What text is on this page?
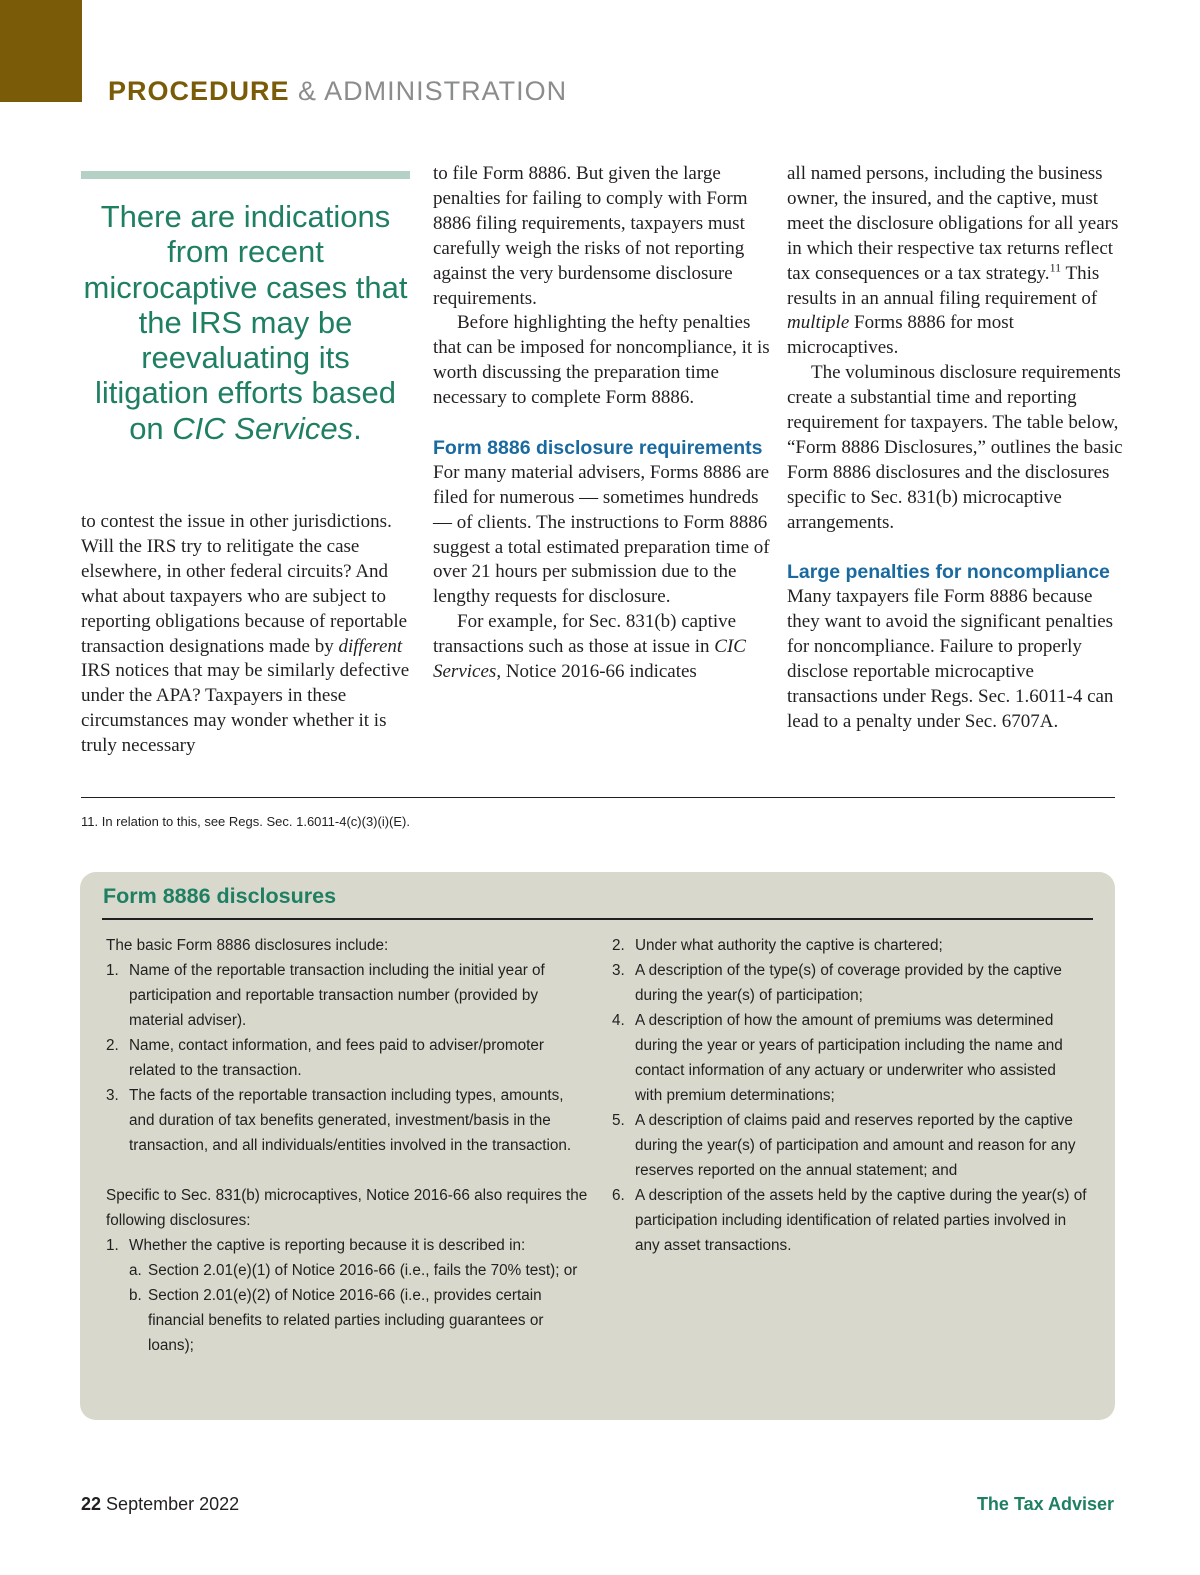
PROCEDURE & ADMINISTRATION
There are indications from recent microcaptive cases that the IRS may be reevaluating its litigation efforts based on CIC Services.

to contest the issue in other jurisdictions. Will the IRS try to relitigate the case elsewhere, in other federal circuits? And what about taxpayers who are subject to reporting obligations because of reportable transaction designations made by different IRS notices that may be similarly defective under the APA? Taxpayers in these circumstances may wonder whether it is truly necessary

to file Form 8886. But given the large penalties for failing to comply with Form 8886 filing requirements, taxpayers must carefully weigh the risks of not reporting against the very burdensome disclosure requirements.

Before highlighting the hefty penalties that can be imposed for noncompliance, it is worth discussing the preparation time necessary to complete Form 8886.

Form 8886 disclosure requirements

For many material advisers, Forms 8886 are filed for numerous — sometimes hundreds — of clients. The instructions to Form 8886 suggest a total estimated preparation time of over 21 hours per submission due to the lengthy requests for disclosure.

For example, for Sec. 831(b) captive transactions such as those at issue in CIC Services, Notice 2016-66 indicates

all named persons, including the business owner, the insured, and the captive, must meet the disclosure obligations for all years in which their respective tax returns reflect tax consequences or a tax strategy.$^{11}$ This results in an annual filing requirement of multiple Forms 8886 for most microcaptives.

The voluminous disclosure requirements create a substantial time and reporting requirement for taxpayers. The table below, “Form 8886 Disclosures,” outlines the basic Form 8886 disclosures and the disclosures specific to Sec. 831(b) microcaptive arrangements.

Large penalties for noncompliance

Many taxpayers file Form 8886 because they want to avoid the significant penalties for noncompliance. Failure to properly disclose reportable microcaptive transactions under Regs. Sec. 1.6011-4 can lead to a penalty under Sec. 6707A.

11. In relation to this, see Regs. Sec. 1.6011-4(c)(3)(i)(E).
Form 8886 disclosures

The basic Form 8886 disclosures include:

1. Name of the reportable transaction including the initial year of participation and reportable transaction number (provided by material adviser).
2. Name, contact information, and fees paid to adviser/promoter related to the transaction.
3. The facts of the reportable transaction including types, amounts, and duration of tax benefits generated, investment/basis in the transaction, and all individuals/entities involved in the transaction.

Specific to Sec. 831(b) microcaptives, Notice 2016-66 also requires the following disclosures:

1. Whether the captive is reporting because it is described in:
a. Section 2.01(e)(1) of Notice 2016-66 (i.e., fails the 70% test); or
b. Section 2.01(e)(2) of Notice 2016-66 (i.e., provides certain financial benefits to related parties including guarantees or loans);
2. Under what authority the captive is chartered;
3. A description of the type(s) of coverage provided by the captive during the year(s) of participation;
4. A description of how the amount of premiums was determined during the year or years of participation including the name and contact information of any actuary or underwriter who assisted with premium determinations;
5. A description of claims paid and reserves reported by the captive during the year(s) of participation and amount and reason for any reserves reported on the annual statement; and
6. A description of the assets held by the captive during the year(s) of participation including identification of related parties involved in any asset transactions.
22 September 2022	The Tax Adviser
